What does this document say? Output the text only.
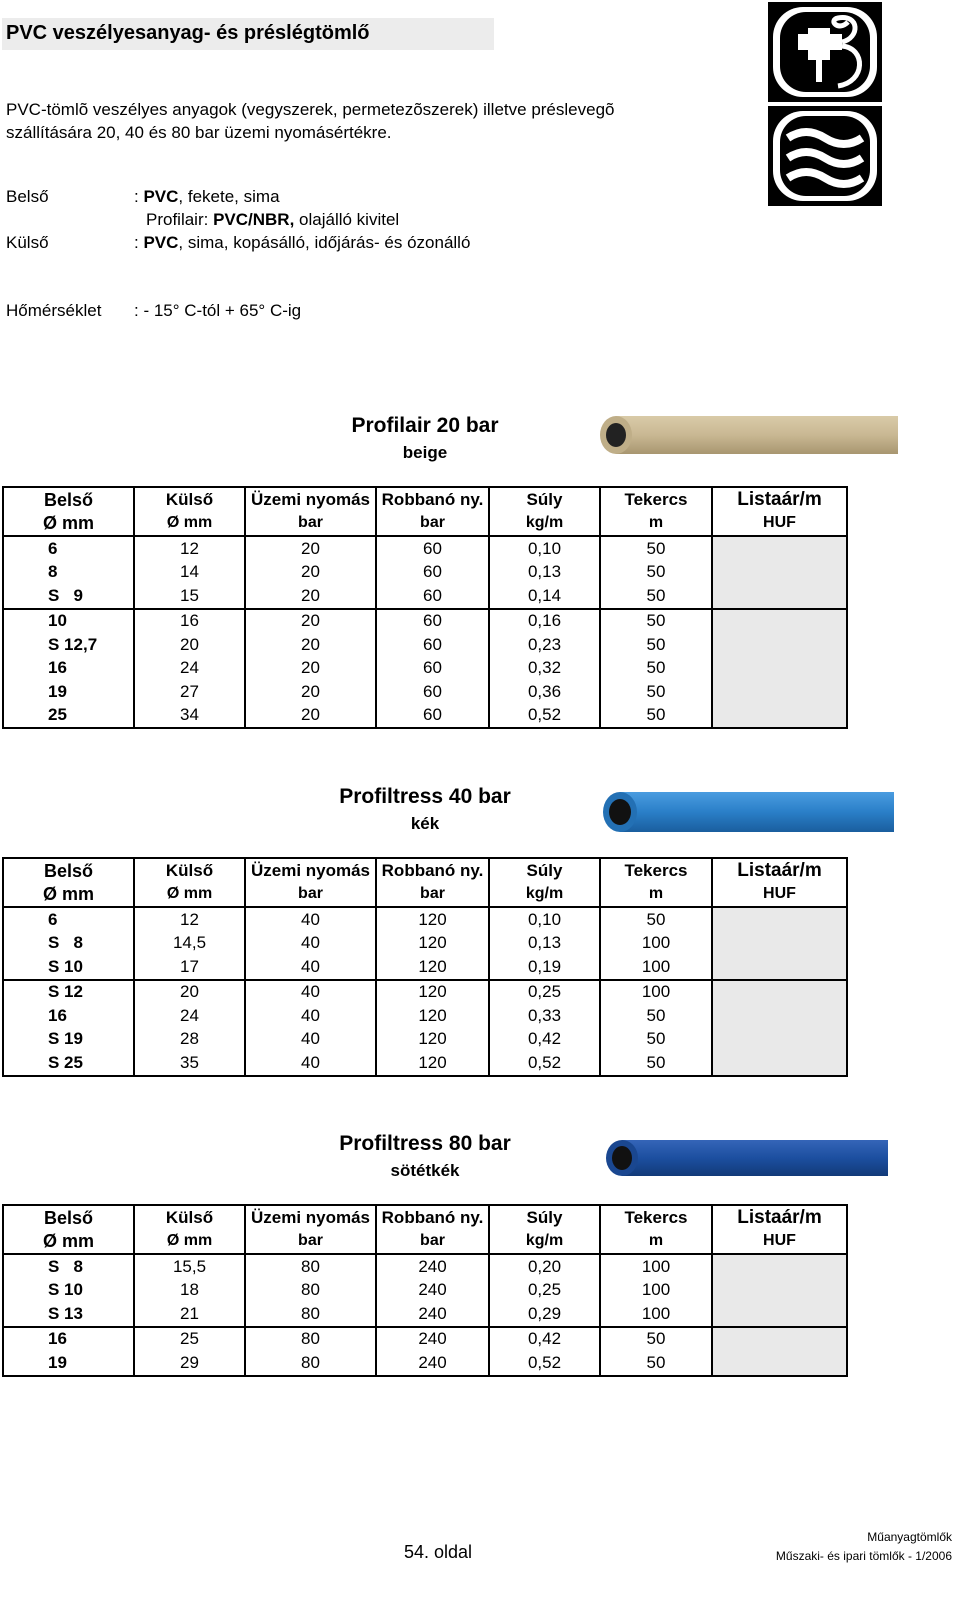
PVC veszélyesanyag- és préslégtömlő
PVC-tömlõ veszélyes anyagok (vegyszerek, permetezõszerek) illetve préslevegõ
szállítására 20, 40 és 80 bar üzemi nyomásértékre.
Belső	: PVC, fekete, sima
Profilair: PVC/NBR, olajálló kivitel
Külső	: PVC, sima, kopásálló, időjárás- és ózonálló
Hőmérséklet : - 15° C-tól + 65° C-ig
Profilair 20 bar
beige
Belső	Külső	Üzemi nyomás	Robbanó ny.	Súly	Tekercs	Listaár/m
Ø mm	Ø mm	bar	bar	kg/m	m	HUF
6	12	20	60	0,10	50	
8	14	20	60	0,13	50	
S   9	15	20	60	0,14	50	
10	16	20	60	0,16	50	
S 12,7	20	20	60	0,23	50	
16	24	20	60	0,32	50	
19	27	20	60	0,36	50	
25	34	20	60	0,52	50	
Profiltress 40 bar
kék
Belső	Külső	Üzemi nyomás	Robbanó ny.	Súly	Tekercs	Listaár/m
Ø mm	Ø mm	bar	bar	kg/m	m	HUF
6	12	40	120	0,10	50	
S   8	14,5	40	120	0,13	100	
S 10	17	40	120	0,19	100	
S 12	20	40	120	0,25	100	
16	24	40	120	0,33	50	
S 19	28	40	120	0,42	50	
S 25	35	40	120	0,52	50	
Profiltress 80 bar
sötétkék
Belső	Külső	Üzemi nyomás	Robbanó ny.	Súly	Tekercs	Listaár/m
Ø mm	Ø mm	bar	bar	kg/m	m	HUF
S   8	15,5	80	240	0,20	100	
S 10	18	80	240	0,25	100	
S 13	21	80	240	0,29	100	
16	25	80	240	0,42	50	
19	29	80	240	0,52	50	
54. oldal
Műanyagtömlők
Műszaki- és ipari tömlők - 1/2006
